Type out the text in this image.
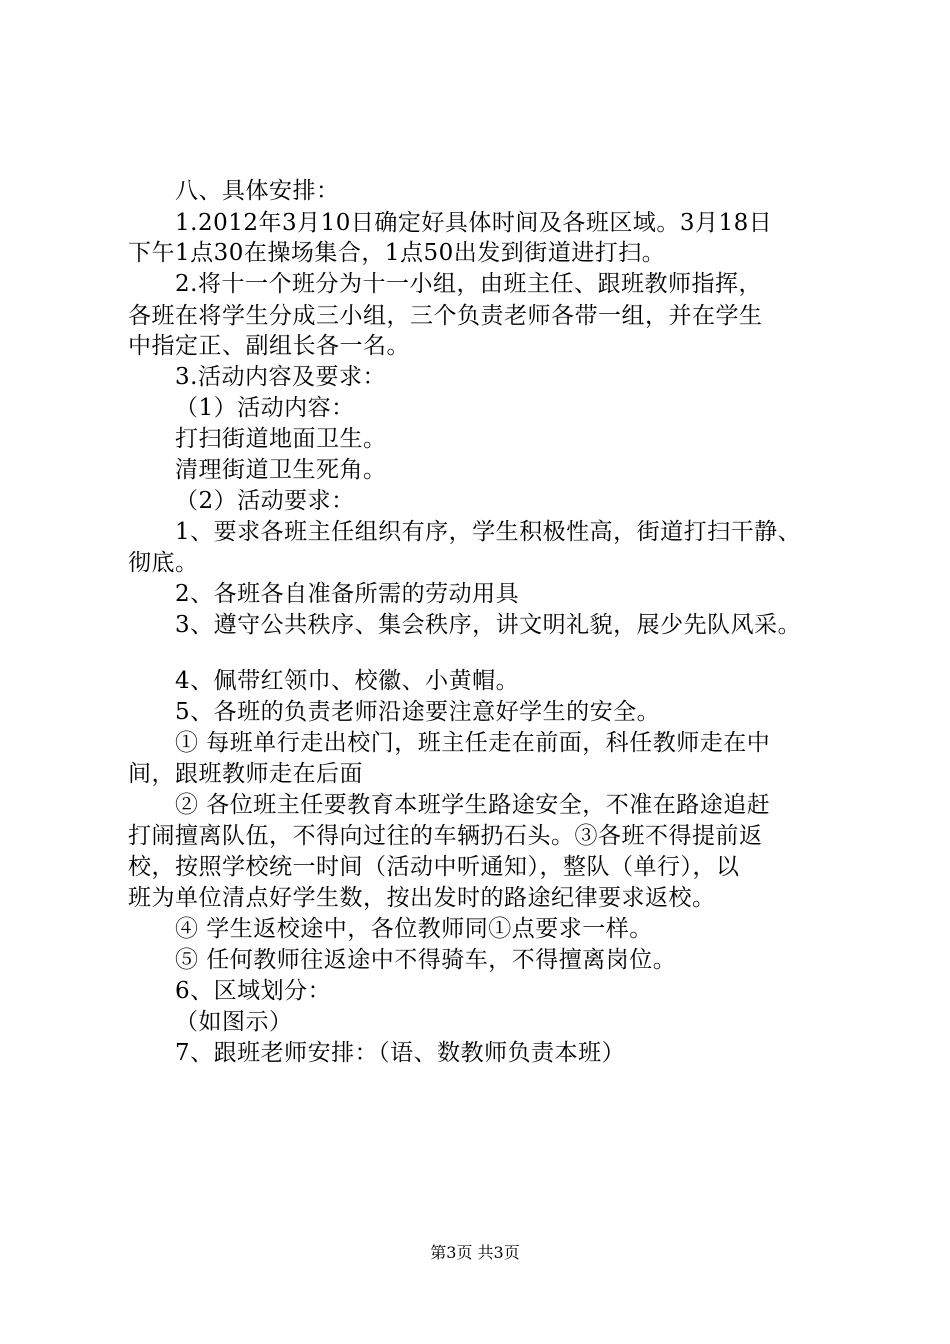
八、具体安排：
1.2012年3月10日确定好具体时间及各班区域。3月18日
下午1点30在操场集合，1点50出发到街道进打扫。
2.将十一个班分为十一小组，由班主任、跟班教师指挥，
各班在将学生分成三小组，三个负责老师各带一组，并在学生
中指定正、副组长各一名。
3.活动内容及要求：
（1）活动内容：
打扫街道地面卫生。
清理街道卫生死角。
（2）活动要求：
1、要求各班主任组织有序，学生积极性高，街道打扫干静、
彻底。
2、各班各自准备所需的劳动用具
3、遵守公共秩序、集会秩序，讲文明礼貌，展少先队风采。
4、佩带红领巾、校徽、小黄帽。
5、各班的负责老师沿途要注意好学生的安全。
① 每班单行走出校门，班主任走在前面，科任教师走在中
间，跟班教师走在后面
② 各位班主任要教育本班学生路途安全，不准在路途追赶
打闹擅离队伍，不得向过往的车辆扔石头。③各班不得提前返
校，按照学校统一时间（活动中听通知），整队（单行），以
班为单位清点好学生数，按出发时的路途纪律要求返校。
④ 学生返校途中，各位教师同①点要求一样。
⑤ 任何教师往返途中不得骑车，不得擅离岗位。
6、区域划分：
（如图示）
7、跟班老师安排：（语、数教师负责本班）
第3页 共3页
